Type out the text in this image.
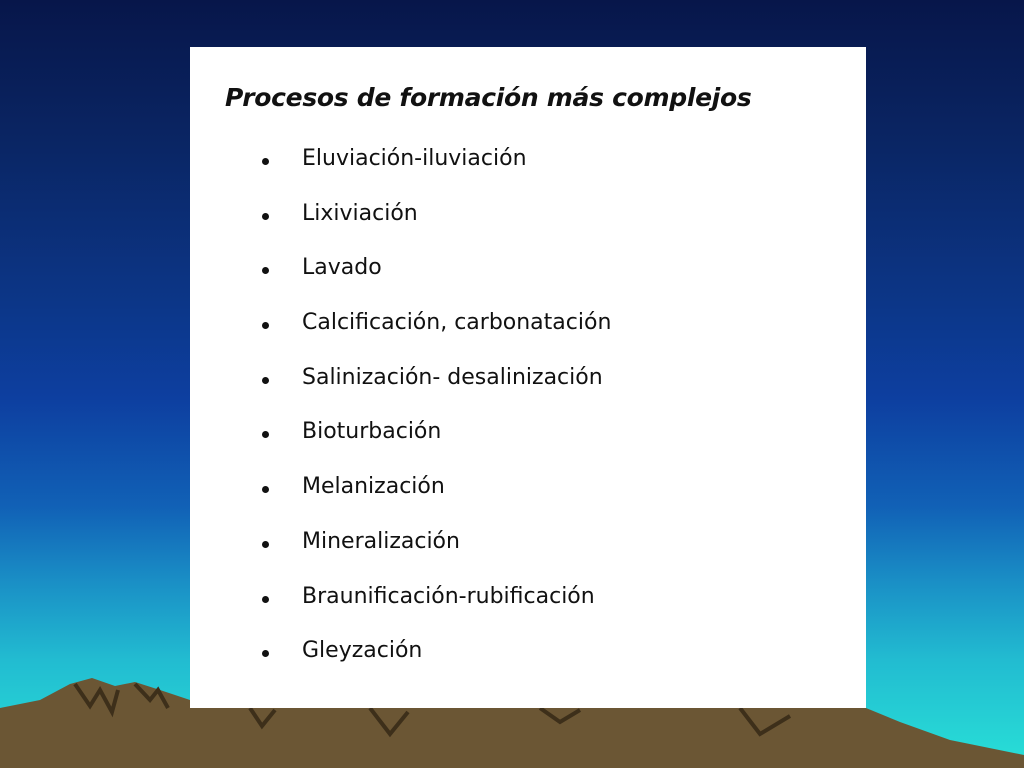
Procesos de formación más complejos
Eluviación-iluviación
Lixiviación
Lavado
Calcificación, carbonatación
Salinización- desalinización
Bioturbación
Melanización
Mineralización
Braunificación-rubificación
Gleyzación
